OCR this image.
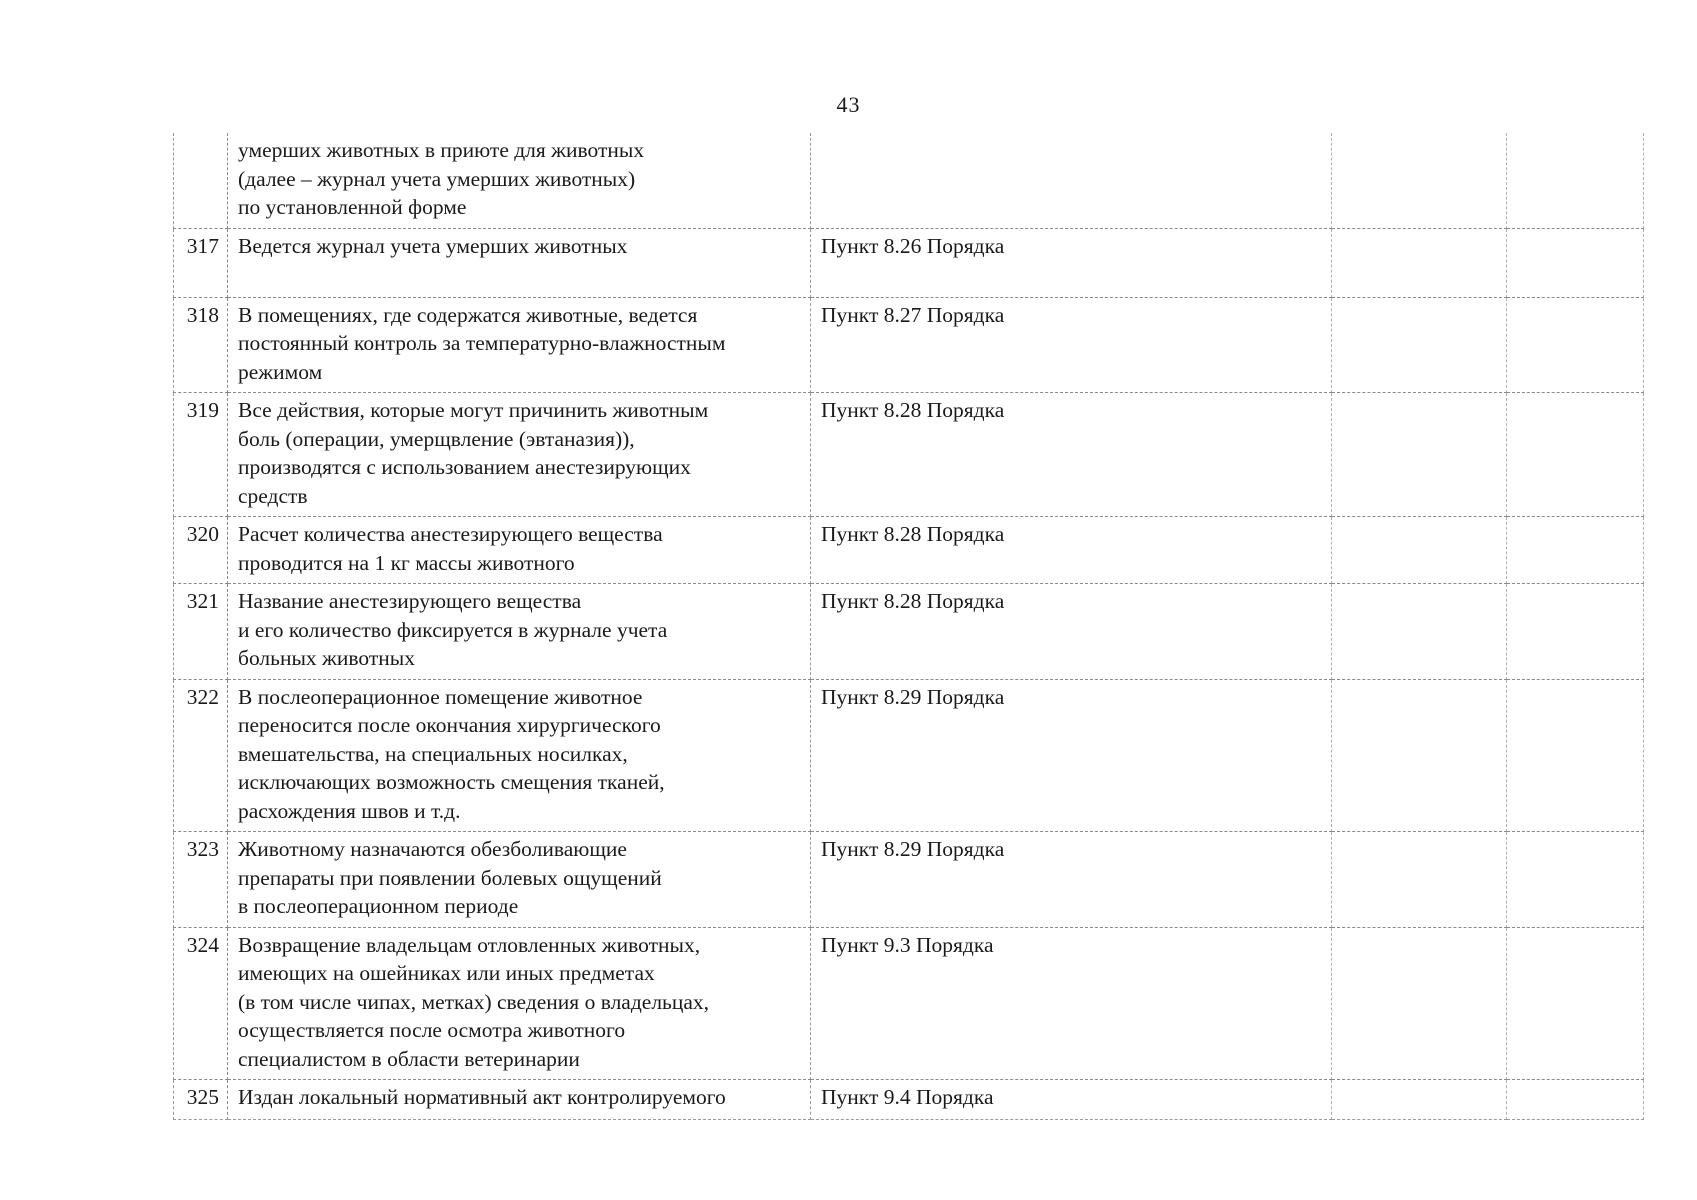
43

	умерших животных в приюте для животных
(далее – журнал учета умерших животных)
по установленной форме			

317	Ведется журнал учета умерших животных	Пункт 8.26 Порядка		

318	В помещениях, где содержатся животные, ведется
постоянный контроль за температурно-влажностным
режимом	Пункт 8.27 Порядка		

319	Все действия, которые могут причинить животным
боль (операции, умерщвление (эвтаназия)),
производятся с использованием анестезирующих
средств	Пункт 8.28 Порядка		

320	Расчет количества анестезирующего вещества
проводится на 1 кг массы животного	Пункт 8.28 Порядка		

321	Название анестезирующего вещества
и его количество фиксируется в журнале учета
больных животных	Пункт 8.28 Порядка		

322	В послеоперационное помещение животное
переносится после окончания хирургического
вмешательства, на специальных носилках,
исключающих возможность смещения тканей,
расхождения швов и т.д.	Пункт 8.29 Порядка		

323	Животному назначаются обезболивающие
препараты при появлении болевых ощущений
в послеоперационном периоде	Пункт 8.29 Порядка		

324	Возвращение владельцам отловленных животных,
имеющих на ошейниках или иных предметах
(в том числе чипах, метках) сведения о владельцах,
осуществляется после осмотра животного
специалистом в области ветеринарии	Пункт 9.3 Порядка		

325	Издан локальный нормативный акт контролируемого	Пункт 9.4 Порядка		
